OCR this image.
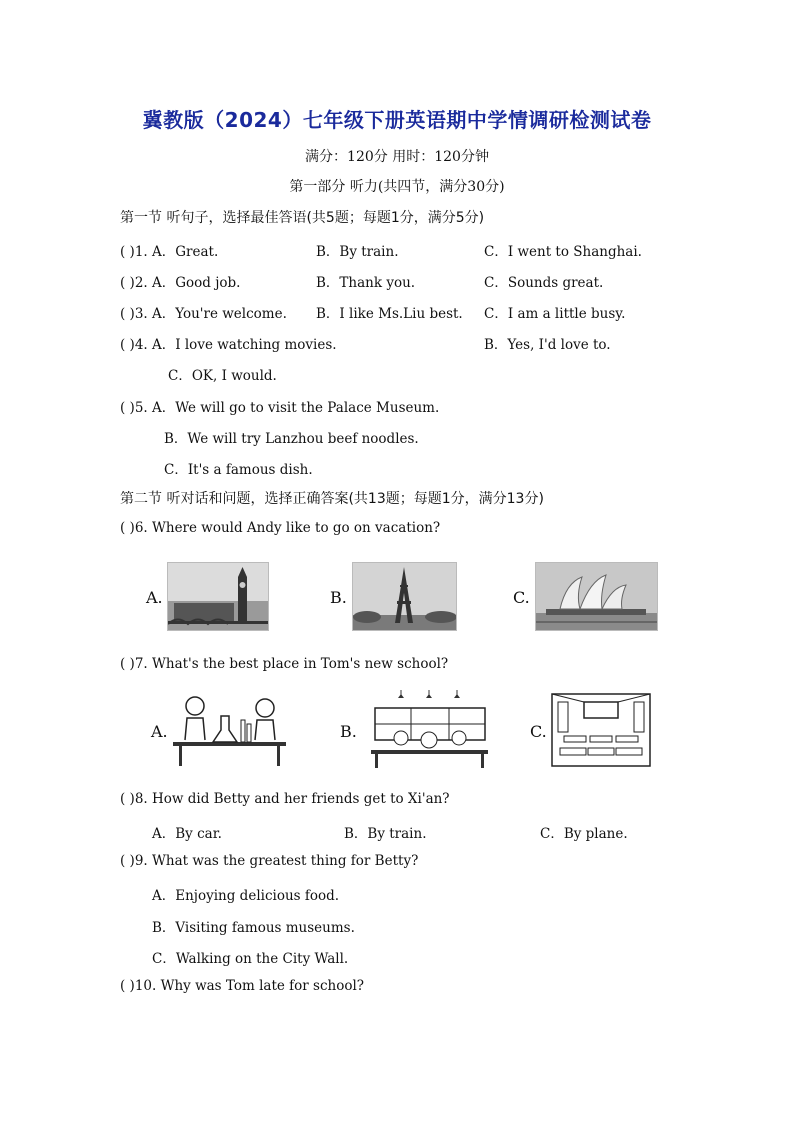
冀教版（2024）七年级下册英语期中学情调研检测试卷
满分：120分 用时：120分钟
第一部分 听力(共四节，满分30分)
第一节 听句子，选择最佳答语(共5题；每题1分，满分5分)
( )1. A．Great.	B．By train.	C．I went to Shanghai.
( )2. A．Good job.	B．Thank you.	C．Sounds great.
( )3. A．You're welcome. B．I like Ms.Liu best. C．I am a little busy.
( )4. A．I love watching movies.	B．Yes, I'd love to.
C．OK, I would.
( )5. A．We will go to visit the Palace Museum.
B．We will try Lanzhou beef noodles.
C．It's a famous dish.
第二节 听对话和问题，选择正确答案(共13题；每题1分，满分13分)
( )6. Where would Andy like to go on vacation?
A.	B.	C.
( )7. What's the best place in Tom's new school?
A.	B.	C.
( )8. How did Betty and her friends get to Xi'an?
A．By car.	B．By train.	C．By plane.
( )9. What was the greatest thing for Betty?
A．Enjoying delicious food.
B．Visiting famous museums.
C．Walking on the City Wall.
( )10. Why was Tom late for school?
